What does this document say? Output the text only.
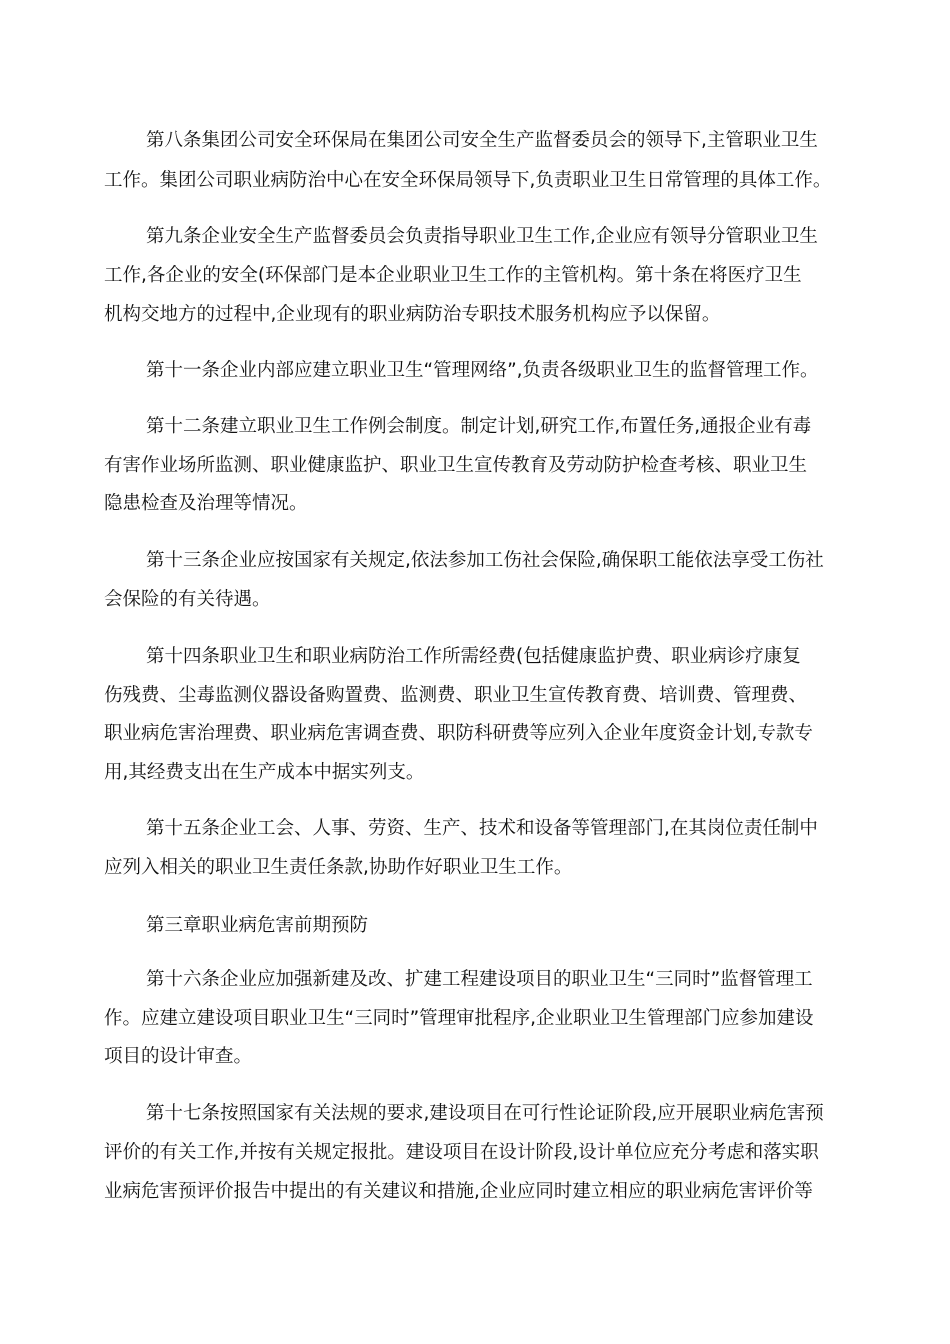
第八条集团公司安全环保局在集团公司安全生产监督委员会的领导下,主管职业卫生
工作。集团公司职业病防治中心在安全环保局领导下,负责职业卫生日常管理的具体工作。
第九条企业安全生产监督委员会负责指导职业卫生工作,企业应有领导分管职业卫生
工作,各企业的安全(环保部门是本企业职业卫生工作的主管机构。第十条在将医疗卫生
机构交地方的过程中,企业现有的职业病防治专职技术服务机构应予以保留。
第十一条企业内部应建立职业卫生“管理网络”,负责各级职业卫生的监督管理工作。
第十二条建立职业卫生工作例会制度。制定计划,研究工作,布置任务,通报企业有毒
有害作业场所监测、职业健康监护、职业卫生宣传教育及劳动防护检查考核、职业卫生
隐患检查及治理等情况。
第十三条企业应按国家有关规定,依法参加工伤社会保险,确保职工能依法享受工伤社
会保险的有关待遇。
第十四条职业卫生和职业病防治工作所需经费(包括健康监护费、职业病诊疗康复
伤残费、尘毒监测仪器设备购置费、监测费、职业卫生宣传教育费、培训费、管理费、
职业病危害治理费、职业病危害调查费、职防科研费等应列入企业年度资金计划,专款专
用,其经费支出在生产成本中据实列支。
第十五条企业工会、人事、劳资、生产、技术和设备等管理部门,在其岗位责任制中
应列入相关的职业卫生责任条款,协助作好职业卫生工作。
第三章职业病危害前期预防
第十六条企业应加强新建及改、扩建工程建设项目的职业卫生“三同时”监督管理工
作。应建立建设项目职业卫生“三同时”管理审批程序,企业职业卫生管理部门应参加建设
项目的设计审查。
第十七条按照国家有关法规的要求,建设项目在可行性论证阶段,应开展职业病危害预
评价的有关工作,并按有关规定报批。建设项目在设计阶段,设计单位应充分考虑和落实职
业病危害预评价报告中提出的有关建议和措施,企业应同时建立相应的职业病危害评价等
